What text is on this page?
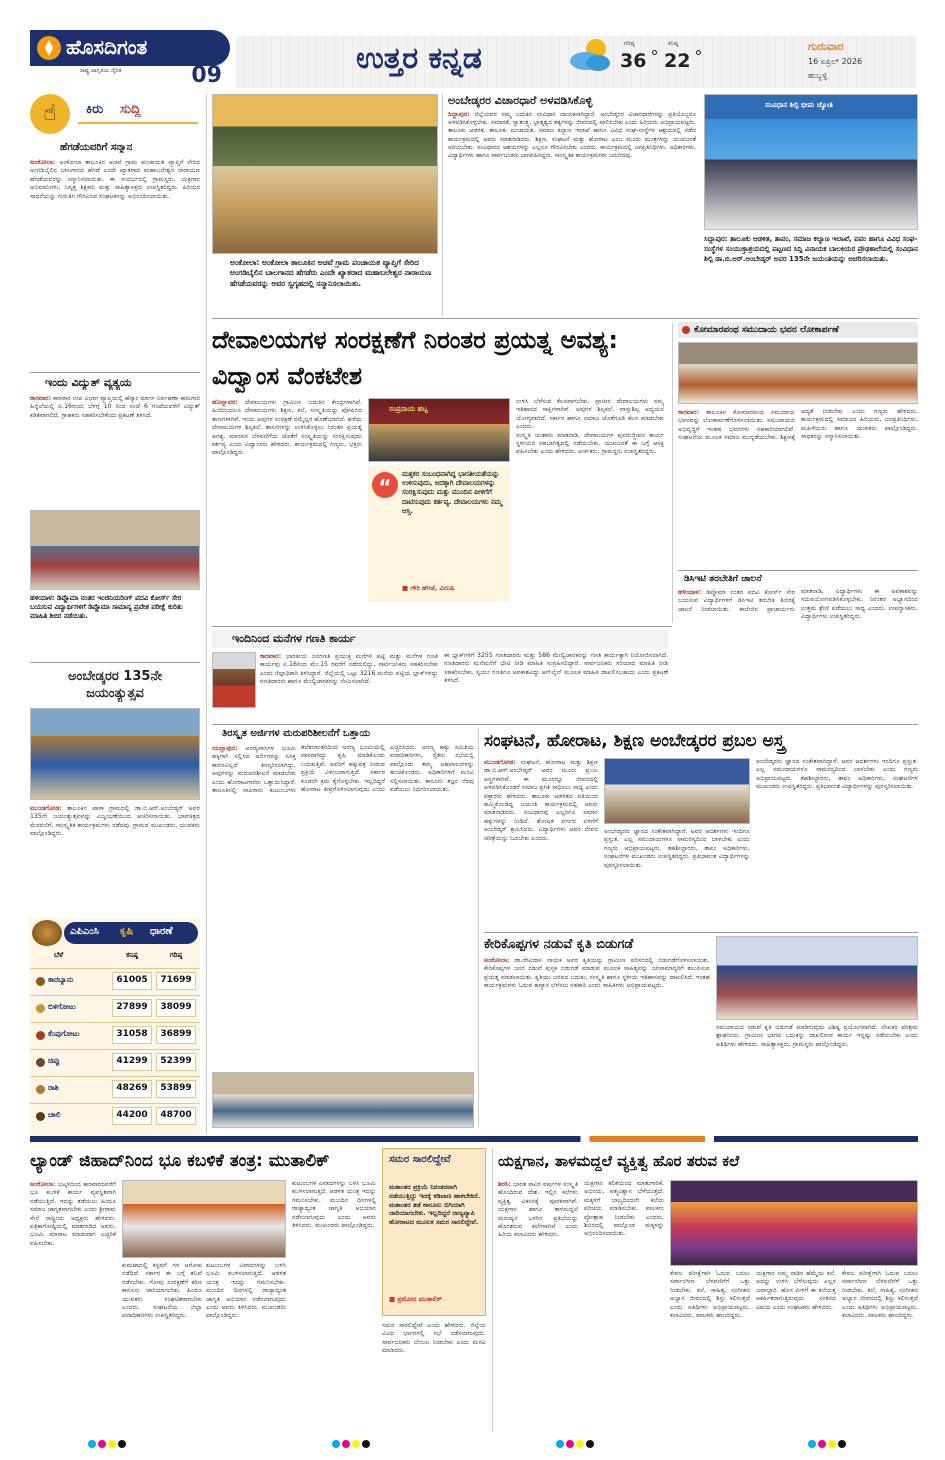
ಹೊಸದಿಗಂತ
ರಾಷ್ಟ್ರ ಜಾಗೃತಿಯ ದೈನಿಕ	09	ಉತ್ತರ ಕನ್ನಡ	ಗರಿಷ್ಠ
36
ಕನಿಷ್ಠ
22
ಗುರುವಾರ
16 ಏಪ್ರಿಲ್ 2026
ಹುಬ್ಬಳ್ಳಿ
☝	ಕಿರು	ಸುದ್ದಿ
ಹೆಗಡೆಯವರಿಗೆ ಸನ್ಮಾನ
ಅಂಕೋಲಾ: ಅಂಕೋಲಾ ತಾಲೂಕಿನ ಅಚವೆ ಗ್ರಾಮ ಪಂಚಾಯತ ವ್ಯಾಪ್ತಿಗೆ ಸೇರಿದ ಅಂಗಡಿಬೈಲಿನ ಬಾಲಗಾನದ ಹೆಗಡೆ ಎಂದೇ ಖ್ಯಾತರಾದ ಮಹಾಬಲೇಶ್ವರ ನಾರಾಯಣ ಹೆಗಡೆಯವರನ್ನು ಸನ್ಮಾನಿಸಲಾಯಿತು. ಈ ಸಂದರ್ಭದಲ್ಲಿ ಗ್ರಾಮಸ್ಥರು, ಯಕ್ಷಗಾನ ಅಭಿಮಾನಿಗಳು, ನಿವೃತ್ತ ಶಿಕ್ಷಕರು ಮತ್ತು ಸಾಹಿತ್ಯಾಸಕ್ತರು ಉಪಸ್ಥಿತರಿದ್ದರು. ಹಿರಿಯರ ಸಾಧನೆಯನ್ನು ಗುರುತಿಸಿ ಗೌರವಿಸಿದ ಸಂಘಟಕರನ್ನು ಅಭಿನಂದಿಸಲಾಯಿತು.
ಇಂದು ವಿದ್ಯುತ್ ವ್ಯತ್ಯಯ
ಕಾರವಾರ: ಕಾರವಾರ ಉಪ ವಿಭಾಗ ವ್ಯಾಪ್ತಿಯಲ್ಲಿ ಹೆಸ್ಕಾಂ ಮಾರ್ಗ ನಿರ್ವಹಣಾ ಕಾಮಗಾರಿ ಹಿನ್ನೆಲೆಯಲ್ಲಿ ಏ.16ರಂದು ಬೆಳಿಗ್ಗೆ 10 ರಿಂದ ಸಂಜೆ 6 ಗಂಟೆಯವರೆಗೆ ವಿದ್ಯುತ್ ಕಡಿತವಾಗಲಿದೆ. ಗ್ರಾಹಕರು ಸಹಕರಿಸಬೇಕೆಂದು ಪ್ರಕಟಣೆ ತಿಳಿಸಿದೆ.
ಹಳಿಯಾಳ: ಡಿಪ್ಲೊಮಾ ನಂತರ ಇಂಜಿನಿಯರಿಂಗ್ ಪದವಿ ಕೋರ್ಸ್ ಸೇರ ಬಯಸುವ ವಿದ್ಯಾರ್ಥಿಗಳಿಗೆ ಡಿಪ್ಲೊಮಾ ಸಾಮಾನ್ಯ ಪ್ರವೇಶ ಪರೀಕ್ಷೆ ಕುರಿತು ಮಾಹಿತಿ ಶಿಬಿರ ನಡೆಯಿತು.
ಅಂಬೇಡ್ಕರರ 135ನೇ ಜಯಂತ್ಯುತ್ಸವ
ಮುಂಡಗೋಡ: ತಾಲೂಕಿನ ಪಾಳಾ ಗ್ರಾಮದಲ್ಲಿ ಡಾ.ಬಿ.ಆರ್.ಅಂಬೇಡ್ಕರ್ ಅವರ 135ನೇ ಜಯಂತ್ಯುತ್ಸವವನ್ನು ವಿಜೃಂಭಣೆಯಿಂದ ಆಚರಿಸಲಾಯಿತು. ಭಾವಚಿತ್ರದ ಮೆರವಣಿಗೆ, ಸಾಂಸ್ಕೃತಿಕ ಕಾರ್ಯಕ್ರಮಗಳು ನಡೆದವು. ಗ್ರಾಮದ ಮುಖಂಡರು, ಯುವಕರು ಪಾಲ್ಗೊಂಡಿದ್ದರು.
ಎಪಿಎಂಸಿ	ಕೃಷಿ	ಧಾರಣೆ
ಬೆಳೆ	ಕನಿಷ್ಠ	ಗರಿಷ್ಠ
ಕಾರಬ್ಯಾನು	61005	71699
ಬಿಳಿಗೋಟು	27899	38099
ಕೆಂಪುಗೋಟು	31058	36899
ಚಿಪ್ಪು	41299	52399
ರಾಶಿ	48269	53899
ಚಾಲಿ	44200	48700
ಅಂಕೋಲಾ: ಅಂಕೋಲಾ ತಾಲೂಕಿನ ಅಚವೆ ಗ್ರಾಮ ಪಂಚಾಯತ ವ್ಯಾಪ್ತಿಗೆ ಸೇರಿದ ಅಂಗಡಿಬೈಲಿನ ಬಾಲಗಾನದ ಹೆಗಡೆರು ಎಂದೇ ಖ್ಯಾತರಾದ ಮಹಾಬಲೇಶ್ವರ ನಾರಾಯಣ ಹೆಗಡೆಯವರನ್ನು ಅವರ ಸ್ವಗೃಹದಲ್ಲಿ ಸನ್ಮಾನಿಸಲಾಯಿತು.
ಅಂಬೇಡ್ಕರರ ವಿಚಾರಧಾರೆ ಅಳವಡಿಸಿಕೊಳ್ಳಿ
ಸಿದ್ದಾಪುರ: ಜಿಲ್ಲೆಯವರ ನಮ್ಮ ಬದುಕಿನ ಸಂವಿಧಾನ ದಾಯಕನಾಗಿದ್ದಾರೆ. ಅಂಬೇಡ್ಕರರ ವಿಚಾರಧಾರೆಗಳನ್ನು ಪ್ರತಿಯೊಬ್ಬರೂ ಅಳವಡಿಸಿಕೊಳ್ಳಬೇಕು. ಸಮಾನತೆ, ಸ್ವಾತಂತ್ರ್ಯ, ಭ್ರಾತೃತ್ವದ ತತ್ವಗಳನ್ನು ಜೀವನದಲ್ಲಿ ಪಾಲಿಸಬೇಕು ಎಂದು ಹಿರಿಯರು ಅಭಿಪ್ರಾಯಪಟ್ಟರು. ತಾಲೂಕು ಆಡಳಿತ, ತಾಲೂಕು ಪಂಚಾಯತ, ಸಮಾಜ ಕಲ್ಯಾಣ ಇಲಾಖೆ ಹಾಗೂ ವಿವಿಧ ಸಂಘ-ಸಂಸ್ಥೆಗಳ ಆಶ್ರಯದಲ್ಲಿ ನಡೆದ ಕಾರ್ಯಕ್ರಮದಲ್ಲಿ ಅವರು ಮಾತನಾಡಿದರು. ಶಿಕ್ಷಣ, ಸಂಘಟನೆ ಮತ್ತು ಹೋರಾಟ ಎಂಬ ಮೂರು ಮಂತ್ರಗಳನ್ನು ಯುವಜನತೆ ಅರಿಯಬೇಕು. ಸಂವಿಧಾನದ ಆಶಯಗಳನ್ನು ಎಲ್ಲರೂ ಗೌರವಿಸಬೇಕು ಎಂದರು. ಕಾರ್ಯಕ್ರಮದಲ್ಲಿ ಜನಪ್ರತಿನಿಧಿಗಳು, ಅಧಿಕಾರಿಗಳು, ವಿದ್ಯಾರ್ಥಿಗಳು ಹಾಗೂ ಸಾರ್ವಜನಿಕರು ಭಾಗವಹಿಸಿದ್ದರು. ಸಾಂಸ್ಕೃತಿಕ ಕಾರ್ಯಕ್ರಮಗಳು ಜರುಗಿದವು.
ಸಂವಿಧಾನ ಶಿಲ್ಪಿ ಭೀಮ ಜ್ಯೋತಿ
ಸಿದ್ದಾಪುರ: ತಾಲೂಕು ಆಡಳಿತ, ತಾಪಂ, ಸಮಾಜ ಕಲ್ಯಾಣ ಇಲಾಖೆ, ಪಪಂ ಹಾಗೂ ವಿವಿಧ ಸಂಘ-ಸಂಸ್ಥೆಗಳ ಸಂಯುಕ್ತಾಶ್ರಯದಲ್ಲಿ ಪಟ್ಟಣದ ಸಿದ್ದಿ ವಿನಾಯಕ ಬಾಲಕಿಯರ ಪ್ರೌಢಶಾಲೆಯಲ್ಲಿ ಸಂವಿಧಾನ ಶಿಲ್ಪಿ ಡಾ.ಬಿ.ಆರ್.ಅಂಬೇಡ್ಕರ್ ಅವರ 135ನೇ ಜಯಂತಿಯನ್ನು ಆಚರಿಸಲಾಯಿತು.
ದೇವಾಲಯಗಳ ಸಂರಕ್ಷಣೆಗೆ ನಿರಂತರ ಪ್ರಯತ್ನ ಅವಶ್ಯ: ವಿದ್ವಾಂಸ ವೆಂಕಟೇಶ
ಹೊನ್ನಾವರ: ದೇವಾಲಯಗಳು ಗ್ರಾಮೀಣ ಬದುಕಿನ ಕೇಂದ್ರಗಳಾಗಿವೆ. ಹಿಂದಿನಿಂದಲೂ ದೇವಾಲಯಗಳು ಶಿಕ್ಷಣ, ಕಲೆ, ಸಂಸ್ಕೃತಿಯನ್ನು ಪೋಷಿಸಿದ ತಾಣಗಳಾಗಿವೆ. ಇಂದು ಅವುಗಳ ಸಂರಕ್ಷಣೆ ನಮ್ಮೆಲ್ಲರ ಹೊಣೆಯಾಗಿದೆ. ಹಳೆಯ ದೇವಾಲಯಗಳ ಶಿಲ್ಪಕಲೆ, ಶಾಸನಗಳನ್ನು ಉಳಿಸಿಕೊಳ್ಳಲು ನಿರಂತರ ಪ್ರಯತ್ನ ಅಗತ್ಯ. ಮಾನವನ ಬೆಳವಣಿಗೆಯ ಜೊತೆಗೆ ಸಂಸ್ಕೃತಿಯನ್ನು ಸಂರಕ್ಷಿಸುವುದು ಕರ್ತವ್ಯ ಎಂದು ವಿದ್ವಾಂಸರು ಹೇಳಿದರು. ಕಾರ್ಯಕ್ರಮದಲ್ಲಿ ಗಣ್ಯರು, ಭಕ್ತರು ಪಾಲ್ಗೊಂಡಿದ್ದರು.
ಸಂಪ್ರದಾಯ ಹಬ್ಬ
“
ಮತ್ತಕರ ಸಂಬಂಧವಾಗಿದ್ದ ಭಾರತೀಯತೆಯನ್ನು ಉಳಿಸುವುದು, ಅದಕ್ಕಾಗಿ ದೇವಾಲಯಗಳನ್ನು ಸಂರಕ್ಷಿಸುವುದು ಮತ್ತು ಮುಂದಿನ ಪೀಳಿಗೆಗೆ ದಾಟಿಸುವುದು ಕರ್ತವ್ಯ. ದೇವಾಲಯಗಳು ನಮ್ಮ ಆಸ್ತಿ.
■ ಗೌರಿ ಹೆಗಡೆ, ವಿದುಷಿ
ಉಳಿಸಿ ಬೆಳೆಸುವ ಕೆಲಸವಾಗಬೇಕು. ಪ್ರಾಚೀನ ದೇವಾಲಯಗಳು ನಮ್ಮ ಇತಿಹಾಸದ ಸಾಕ್ಷಿಗಳಾಗಿವೆ. ಅವುಗಳ ಶಿಲ್ಪಕಲೆ, ವಾಸ್ತುಶಿಲ್ಪ ಅಧ್ಯಯನ ಯೋಗ್ಯವಾಗಿದೆ. ಸರ್ಕಾರ ಹಾಗೂ ಸಮಾಜ ಜೊತೆಗೂಡಿ ಕೆಲಸ ಮಾಡಬೇಕು ಎಂದರು.
ಸಂಸ್ಕೃತಿ ಚಿಂತಕರು ಮಾತನಾಡಿ, ದೇವಾಲಯಗಳ ಪುನರುಜ್ಜೀವನ ಕಾರ್ಯ ಸ್ಥಳೀಯರ ಸಹಭಾಗಿತ್ವದಲ್ಲಿ ನಡೆಯಬೇಕು. ಯುವಜನತೆ ಈ ಬಗ್ಗೆ ಆಸಕ್ತಿ ವಹಿಸಬೇಕು ಎಂದು ಹೇಳಿದರು. ಅರ್ಚಕರು, ಗ್ರಾಮಸ್ಥರು ಉಪಸ್ಥಿತರಿದ್ದರು.
ಕೋಮಾರಪಂಥ ಸಮುದಾಯ ಭವನ ಲೋಕಾರ್ಪಣೆ
ಕಾರವಾರ: ತಾಲೂಕಿನ ಕೋಮಾರಪಂಥ ಸಮುದಾಯ ಭವನವನ್ನು ಲೋಕಾರ್ಪಣೆಗೊಳಿಸಲಾಯಿತು. ಸಮುದಾಯದ ಅಭಿವೃದ್ಧಿಗೆ ಇಂತಹ ಭವನಗಳು ಸಹಕಾರಿಯಾಗಲಿವೆ. ಸಂಘಟನೆಯ ಮೂಲಕ ಸಮಾಜ ಮುನ್ನಡೆಯಬೇಕು. ಶಿಕ್ಷಣಕ್ಕೆ ಆದ್ಯತೆ ನೀಡಬೇಕು ಎಂದು ಗಣ್ಯರು ಹೇಳಿದರು. ಕಾರ್ಯಕ್ರಮದಲ್ಲಿ ಸಮಾಜದ ಹಿರಿಯರು, ಜನಪ್ರತಿನಿಧಿಗಳು, ಮಹಿಳೆಯರು ಹಾಗೂ ಯುವಕರು ಪಾಲ್ಗೊಂಡಿದ್ದರು. ಸಾಧಕರನ್ನು ಸನ್ಮಾನಿಸಲಾಯಿತು.
ಡಿಸಿಇಟಿ ತರಬೇತಿಗೆ ಚಾಲನೆ
ಹಳಿಯಾಳ: ಡಿಪ್ಲೊಮಾ ನಂತರ ಪದವಿ ಕೋರ್ಸ್ ಸೇರ ಬಯಸುವ ವಿದ್ಯಾರ್ಥಿಗಳಿಗೆ ಡಿಸಿಇಟಿ ತರಬೇತಿ ಶಿಬಿರಕ್ಕೆ ಚಾಲನೆ ನೀಡಲಾಯಿತು. ಕಾಲೇಜಿನ ಪ್ರಾಚಾರ್ಯರು ಮಾತನಾಡಿ, ವಿದ್ಯಾರ್ಥಿಗಳು ಈ ಅವಕಾಶವನ್ನು ಸದುಪಯೋಗಪಡಿಸಿಕೊಳ್ಳಬೇಕು. ನಿರಂತರ ಅಭ್ಯಾಸದಿಂದ ಉತ್ತಮ ಶ್ರೇಣಿ ಪಡೆಯಲು ಸಾಧ್ಯ ಎಂದರು. ಉಪನ್ಯಾಸಕರು, ವಿದ್ಯಾರ್ಥಿಗಳು ಉಪಸ್ಥಿತರಿದ್ದರು.
ಇಂದಿನಿಂದ ಮನೆಗಳ ಗಣತಿ ಕಾರ್ಯ
ಕಾರವಾರ: ಭಾರತೀಯ ಜನಗಣತಿ ಪ್ರಯುಕ್ತ ಮನೆಗಳ ಪಟ್ಟಿ ಮತ್ತು ಮನೆಗಳ ಗಣತಿ ಕಾರ್ಯವು ಏ.16ರಿಂದ ಮೇ.15 ರವರೆಗೆ ನಡೆಯಲಿದ್ದು, ಸಾರ್ವಜನಿಕರು ಸಹಕರಿಸಬೇಕು ಎಂದು ಜಿಲ್ಲಾಧಿಕಾರಿ ತಿಳಿಸಿದ್ದಾರೆ. ಜಿಲ್ಲೆಯಲ್ಲಿ ಒಟ್ಟು 3216 ಮನೆಯ ಪಟ್ಟಿಯ ಬ್ಲಾಕ್‌ಗಳಿದ್ದು ಗಣತಿದಾರರು ಹಾಗೂ ಮೇಲ್ವಿಚಾರಕರನ್ನು ನೇಮಿಸಲಾಗಿದೆ.
ಈ ಬ್ಲಾಕ್‌ಗಳಿಗೆ 3255 ಗಣತಿದಾರರು ಮತ್ತು 586 ಮೇಲ್ವಿಚಾರಕರನ್ನು ಗಣತಿ ಕಾರ್ಯಕ್ಕಾಗಿ ನಿಯೋಜಿಸಲಾಗಿದೆ. ಗಣತಿದಾರರು ಮನೆಮನೆಗೆ ಭೇಟಿ ನೀಡಿ ಮಾಹಿತಿ ಸಂಗ್ರಹಿಸಲಿದ್ದಾರೆ. ಸಾರ್ವಜನಿಕರು ಸರಿಯಾದ ಮಾಹಿತಿ ನೀಡಿ ಸಹಕರಿಸಬೇಕು. ಸ್ವಯಂ ಗಣತಿಗೂ ಅವಕಾಶವಿದ್ದು ಆನ್‌ಲೈನ್ ಮೂಲಕ ಮಾಹಿತಿ ದಾಖಲಿಸಬಹುದು ಎಂದು ಪ್ರಕಟಣೆ ತಿಳಿಸಿದೆ.
ತಿರಸ್ಕೃತ ಅರ್ಜಿಗಳ ಮರುಪರಿಶೀಲನೆಗೆ ಒತ್ತಾಯ
ಯಲ್ಲಾಪುರ: ಅರಣ್ಯವಾಸಿಗಳ ಭೂಮಿ ಹಕ್ಕಿಗಾಗಿ ಸಲ್ಲಿಸಿದ ಅರ್ಜಿಗಳನ್ನು ಸೂಕ್ತ ಕಾರಣವಿಲ್ಲದೆ ತಿರಸ್ಕರಿಸಲಾಗಿದ್ದು, ಅವುಗಳನ್ನು ಮರುಪರಿಶೀಲನೆ ಮಾಡಬೇಕು ಎಂದು ಹೋರಾಟಗಾರರು ಒತ್ತಾಯಿಸಿದ್ದಾರೆ. ತಾಲೂಕಿನಲ್ಲಿ ಸಾವಿರಾರು ಕುಟುಂಬಗಳು ತಲೆತಲಾಂತರದಿಂದ ಅರಣ್ಯ ಭೂಮಿಯಲ್ಲಿ ವಾಸವಾಗಿದ್ದು ಕೃಷಿ ಮಾಡಿಕೊಂಡು ಬದುಕುತ್ತಿವೆ. ಅವರಿಗೆ ಹಕ್ಕುಪತ್ರ ನೀಡುವ ಪ್ರಕ್ರಿಯೆ ವಿಳಂಬವಾಗುತ್ತಿದೆ. ಸರ್ಕಾರ ಕೂಡಲೇ ಕ್ರಮ ಕೈಗೊಳ್ಳಬೇಕು. ಇಲ್ಲದಿದ್ದರೆ ಹೋರಾಟ ತೀವ್ರಗೊಳಿಸಲಾಗುವುದು ಎಂದು ಎಚ್ಚರಿಸಿದರು. ಅರಣ್ಯ ಹಕ್ಕು ಸಮಿತಿಯ ಪದಾಧಿಕಾರಿಗಳು, ರೈತರು ಸಭೆಯಲ್ಲಿ ಪಾಲ್ಗೊಂಡು ತಮ್ಮ ಅಹವಾಲುಗಳನ್ನು ಹಂಚಿಕೊಂಡರು. ಅಧಿಕಾರಿಗಳಿಗೆ ಮನವಿ ಸಲ್ಲಿಸಲಾಯಿತು. ಕಾನೂನು ತಜ್ಞರ ನೆರವು ಪಡೆಯಲು ನಿರ್ಧರಿಸಲಾಯಿತು.
ಸಂಘಟನೆ, ಹೋರಾಟ, ಶಿಕ್ಷಣ ಅಂಬೇಡ್ಕರರ ಪ್ರಬಲ ಅಸ್ತ್ರ
ಮುಂಡಗೋಡ: ಸಂಘಟನೆ, ಹೋರಾಟ ಮತ್ತು ಶಿಕ್ಷಣ ಡಾ.ಬಿ.ಆರ್.ಅಂಬೇಡ್ಕರ್ ಅವರ ಮೂರು ಪ್ರಬಲ ಅಸ್ತ್ರಗಳಾಗಿವೆ. ಈ ಮೂರನ್ನೂ ಜೀವನದಲ್ಲಿ ಅಳವಡಿಸಿಕೊಂಡರೆ ಸಮಾಜ ಪ್ರಗತಿ ಸಾಧಿಸಲು ಸಾಧ್ಯ ಎಂದು ವಕ್ತಾರರು ಹೇಳಿದರು. ತಾಲೂಕು ಆಡಳಿತದ ವತಿಯಿಂದ ಹಮ್ಮಿಕೊಂಡಿದ್ದ ಜಯಂತಿ ಕಾರ್ಯಕ್ರಮದಲ್ಲಿ ಅವರು ಮಾತನಾಡಿದರು. ಸಂವಿಧಾನವು ಎಲ್ಲರಿಗೂ ಸಮಾನ ಹಕ್ಕುಗಳನ್ನು ನೀಡಿದೆ. ಶೋಷಿತ ವರ್ಗದ ಏಳಿಗೆಗೆ ಅಂಬೇಡ್ಕರ್ ಶ್ರಮಿಸಿದರು. ವಿದ್ಯಾರ್ಥಿಗಳು ಅವರ ಜೀವನ ಚರಿತ್ರೆಯನ್ನು ಓದಬೇಕು ಎಂದರು.
ಅಂಬೇಡ್ಕರರು ಜ್ಞಾನದ ಸಂಕೇತವಾಗಿದ್ದಾರೆ. ಅವರ ಆದರ್ಶಗಳು ಇಂದಿಗೂ ಪ್ರಸ್ತುತ. ಎಲ್ಲ ಸಮುದಾಯಗಳೂ ಸಾಮರಸ್ಯದಿಂದ ಬಾಳಬೇಕು ಎಂದು ಗಣ್ಯರು ಅಭಿಪ್ರಾಯಪಟ್ಟರು. ತಹಶೀಲ್ದಾರರು, ತಾಪಂ ಅಧಿಕಾರಿಗಳು, ಸಂಘಟನೆಗಳ ಮುಖಂಡರು ಉಪಸ್ಥಿತರಿದ್ದರು. ಪ್ರತಿಭಾವಂತ ವಿದ್ಯಾರ್ಥಿಗಳನ್ನು ಪುರಸ್ಕರಿಸಲಾಯಿತು.
ಅಂಬೇಡ್ಕರರು ಜ್ಞಾನದ ಸಂಕೇತವಾಗಿದ್ದಾರೆ. ಅವರ ಆದರ್ಶಗಳು ಇಂದಿಗೂ ಪ್ರಸ್ತುತ. ಎಲ್ಲ ಸಮುದಾಯಗಳೂ ಸಾಮರಸ್ಯದಿಂದ ಬಾಳಬೇಕು ಎಂದು ಗಣ್ಯರು ಅಭಿಪ್ರಾಯಪಟ್ಟರು. ತಹಶೀಲ್ದಾರರು, ತಾಪಂ ಅಧಿಕಾರಿಗಳು, ಸಂಘಟನೆಗಳ ಮುಖಂಡರು ಉಪಸ್ಥಿತರಿದ್ದರು. ಪ್ರತಿಭಾವಂತ ವಿದ್ಯಾರ್ಥಿಗಳನ್ನು ಪುರಸ್ಕರಿಸಲಾಯಿತು.
ಕೇರಿಕೊಪ್ಪಗಳ ನಡುವೆ ಕೃತಿ ಬಿಡುಗಡೆ
ಅಂಕೋಲಾ: ಡಾ.ದೇವಿದಾಸ ನಾಯಕ ಅವರ ಕೃತಿಯನ್ನು ಗ್ರಾಮೀಣ ಪರಿಸರದಲ್ಲಿ ಬಿಡುಗಡೆಗೊಳಿಸಲಾಯಿತು. ಕೇರಿಕೊಪ್ಪಗಳ ಜನರ ನಡುವೆ ಪುಸ್ತಕ ಬಿಡುಗಡೆ ಮಾಡುವ ಮೂಲಕ ಸಾಹಿತ್ಯವನ್ನು ಜನಸಾಮಾನ್ಯರಿಗೆ ತಲುಪಿಸುವ ಪ್ರಯತ್ನ ಮಾಡಲಾಯಿತು. ಕೃತಿಯು ಜನಪದ ಬದುಕು, ಸಂಸ್ಕೃತಿ ಹಾಗೂ ಸ್ಥಳೀಯ ಇತಿಹಾಸವನ್ನು ದಾಖಲಿಸಿದೆ. ಇಂತಹ ಕಾರ್ಯಕ್ರಮಗಳು ಓದುವ ಹವ್ಯಾಸ ಬೆಳೆಸಲು ಸಹಕಾರಿ ಎಂದು ಸಾಹಿತಿಗಳು ಅಭಿಪ್ರಾಯಪಟ್ಟರು.
ಸಮುದಾಯದ ನಡುವೆ ಕೃತಿ ಬಿಡುಗಡೆ ಮಾಡಿರುವುದು ವಿಶಿಷ್ಟ ಪ್ರಯೋಗವಾಗಿದೆ. ಲೇಖಕರ ಪರಿಶ್ರಮ ಶ್ಲಾಘನೀಯ. ಗ್ರಾಮೀಣ ಭಾಗದ ಬದುಕನ್ನು ದಾಖಲಿಸುವ ಕಾರ್ಯ ಇನ್ನಷ್ಟು ನಡೆಯಬೇಕು ಎಂದು ಅತಿಥಿಗಳು ಹೇಳಿದರು. ಸಾಹಿತ್ಯಾಸಕ್ತರು, ಗ್ರಾಮಸ್ಥರು ಪಾಲ್ಗೊಂಡಿದ್ದರು.
ಲ್ಯಾಂಡ್ ಜಿಹಾದ್‌ನಿಂದ ಭೂ ಕಬಳಿಕೆ ತಂತ್ರ: ಮುತಾಲಿಕ್
ಅಂಕೋಲಾ: ಭಟ್ಕಳದಿಂದ ಕಾರವಾರದವರೆಗೆ ಭೂ ಕಬಳಿಕೆ ಕಾರ್ಯ ವ್ಯವಸ್ಥಿತವಾಗಿ ನಡೆಯುತ್ತಿದೆ. ಇದನ್ನು ತಡೆಯಲು ಹಿಂದೂ ಸಮಾಜ ಜಾಗೃತವಾಗಬೇಕು ಎಂದು ಶ್ರೀರಾಮ ಸೇನೆ ರಾಷ್ಟ್ರೀಯ ಅಧ್ಯಕ್ಷರು ಹೇಳಿದರು. ಪತ್ರಿಕಾಗೋಷ್ಠಿಯಲ್ಲಿ ಮಾತನಾಡಿದ ಅವರು, ಭೂಮಿ ಮಾರಾಟ ಮಾಡುವಾಗ ಎಚ್ಚರಿಕೆ ವಹಿಸಬೇಕು.
ಕುಮಟಾದಲ್ಲಿ ಕಸ್ಟಮ್ ಗಳ ಆರೋಪ ನಡೆದಿದೆ. ಸರ್ಕಾರ ಈ ಬಗ್ಗೆ ತನಿಖೆ ನಡೆಸಬೇಕು. ಗೋವು ಸಂರಕ್ಷಣೆಗೆ ಕಠಿಣ ಕಾನೂನು ಜಾರಿಯಾಗಬೇಕು. ಹಿಂದೂ ಯುವಕರು ಸಂಘಟಿತರಾಗಬೇಕು ಎಂದರು. ಸಂಘಟನೆಯ ಜಿಲ್ಲಾ ಪದಾಧಿಕಾರಿಗಳು ಉಪಸ್ಥಿತರಿದ್ದರು.
ಕುಟುಂಬಗಳ ವಿವಾದಗಳನ್ನು ಬಳಸಿ ಭೂಮಿ ಕಬಳಿಸಲಾಗುತ್ತಿದೆ. ಆಡಳಿತ ಯಂತ್ರ ಇದನ್ನು ಗಮನಿಸಬೇಕು. ಮುಂದಿನ ದಿನಗಳಲ್ಲಿ ರಾಜ್ಯಾದ್ಯಂತ ಜಾಗೃತಿ ಅಭಿಯಾನ ನಡೆಸಲಾಗುವುದು ಎಂದು ಅವರು ತಿಳಿಸಿದರು. ಮುಖಂಡರು ಪಾಲ್ಗೊಂಡಿದ್ದರು.
ಕುಟುಂಬಗಳ ವಿವಾದಗಳನ್ನು ಬಳಸಿ ಭೂಮಿ ಕಬಳಿಸಲಾಗುತ್ತಿದೆ. ಆಡಳಿತ ಯಂತ್ರ ಇದನ್ನು ಗಮನಿಸಬೇಕು. ಮುಂದಿನ ದಿನಗಳಲ್ಲಿ ರಾಜ್ಯಾದ್ಯಂತ ಜಾಗೃತಿ ಅಭಿಯಾನ ನಡೆಸಲಾಗುವುದು ಎಂದು ಅವರು ತಿಳಿಸಿದರು. ಮುಖಂಡರು ಪಾಲ್ಗೊಂಡಿದ್ದರು.
ಸಮರ ಸಾರಲಿದ್ದೇವೆ
ಮತಾಂತರ ಪ್ರಕ್ರಿಯೆ ನಿರಂತರವಾಗಿ ನಡೆಯುತ್ತಿದ್ದು ಇದಕ್ಕೆ ಕಡಿವಾಣ ಹಾಕಬೇಕಿದೆ. ಮತಾಂತರ ತಡೆ ಕಾನೂನು ಬಿಗಿಯಾಗಿ ಜಾರಿಯಾಗಬೇಕು. ಇಲ್ಲದಿದ್ದರೆ ರಾಜ್ಯವ್ಯಾಪಿ ಹೋರಾಟದ ಮೂಲಕ ಸಮರ ಸಾರಲಿದ್ದೇವೆ.
■ ಪ್ರಮೋದ ಮುತಾಲಿಕ್
ಸಮರ ಸಾರಲಿದ್ದೇವೆ ಎಂದು ಹೇಳಿದರು. ಜಿಲ್ಲೆಯ ವಿವಿಧ ಭಾಗಗಳಲ್ಲಿ ಸಭೆ ನಡೆಸಲಾಗುವುದು. ಸಾರ್ವಜನಿಕರು ಬೆಂಬಲ ನೀಡಬೇಕು ಎಂದು ಮನವಿ ಮಾಡಿದರು.
ಯಕ್ಷಗಾನ, ತಾಳಮದ್ದಲೆ ವ್ಯಕ್ತಿತ್ವ ಹೊರ ತರುವ ಕಲೆ
ಶಿರಸಿ: ಭಾರತ ಸಾವಿರ ವರ್ಷಗಳ ಸಂಸ್ಕೃತಿ ಹೊಂದಿರುವ ದೇಶ. ಇಲ್ಲಿನ ಕಲೆಗಳು ವ್ಯಕ್ತಿತ್ವ ವಿಕಸನಕ್ಕೆ ಪೂರಕವಾಗಿವೆ. ಯಕ್ಷಗಾನ ಹಾಗೂ ತಾಳಮದ್ದಲೆ ಮನುಷ್ಯನ ಒಳಗಿನ ಪ್ರತಿಭೆಯನ್ನು ಹೊರತರುವ ಕಲೆಗಳಾಗಿವೆ ಎಂದು ಹಿರಿಯ ಕಲಾವಿದರು ಹೇಳಿದರು.
ಯಕ್ಷಗಾನ ಕಲಿಕೆಯಿಂದ ಮಾತುಗಾರಿಕೆ, ಅಭಿನಯ, ಆತ್ಮವಿಶ್ವಾಸ ಬೆಳೆಯುತ್ತದೆ. ಮಕ್ಕಳಿಗೆ ಬಾಲ್ಯದಿಂದಲೇ ಕಲೆಯ ಪರಿಚಯ ಮಾಡಿಸಬೇಕು. ಪಾಲಕರು ಪ್ರೋತ್ಸಾಹ ನೀಡಬೇಕು ಎಂದರು. ಶಿಬಿರದಲ್ಲಿ ಪಾಲ್ಗೊಂಡ ಮಕ್ಕಳನ್ನು ಅಭಿನಂದಿಸಲಾಯಿತು.
ಕೇವಲ ಪರೀಕ್ಷೆಗಾಗಿ ಓದುವ ಬದಲು ಸರ್ವಾಂಗೀಣ ಬೆಳವಣಿಗೆಗೆ ಒತ್ತು ನೀಡಬೇಕು. ಕಲೆ, ಸಾಹಿತ್ಯ, ಸಂಗೀತದ ಅಭ್ಯಾಸ ಜೀವನದಲ್ಲಿ ಶಿಸ್ತು ಕಲಿಸುತ್ತದೆ ಎಂದು ಅತಿಥಿಗಳು ಅಭಿಪ್ರಾಯಪಟ್ಟರು. ಕಲಾವಿದರು, ಪಾಲಕರು ಹಾಜರಿದ್ದರು.
ಯಕ್ಷಗಾನ ನಮ್ಮ ನಾಡಿನ ಹೆಮ್ಮೆಯ ಕಲೆ. ಅದನ್ನು ಉಳಿಸಿ ಬೆಳೆಸುವುದು ಎಲ್ಲರ ಜವಾಬ್ದಾರಿ. ಹೊಸ ಪೀಳಿಗೆ ಈ ಕಲೆಯತ್ತ ಆಕರ್ಷಿತರಾಗುತ್ತಿರುವುದು ಸಂತಸದ ವಿಷಯ ಎಂದು ಸಂಘಟಕರು ಹೇಳಿದರು.
ಕೇವಲ ಪರೀಕ್ಷೆಗಾಗಿ ಓದುವ ಬದಲು ಸರ್ವಾಂಗೀಣ ಬೆಳವಣಿಗೆಗೆ ಒತ್ತು ನೀಡಬೇಕು. ಕಲೆ, ಸಾಹಿತ್ಯ, ಸಂಗೀತದ ಅಭ್ಯಾಸ ಜೀವನದಲ್ಲಿ ಶಿಸ್ತು ಕಲಿಸುತ್ತದೆ ಎಂದು ಅತಿಥಿಗಳು ಅಭಿಪ್ರಾಯಪಟ್ಟರು. ಕಲಾವಿದರು, ಪಾಲಕರು ಹಾಜರಿದ್ದರು.
